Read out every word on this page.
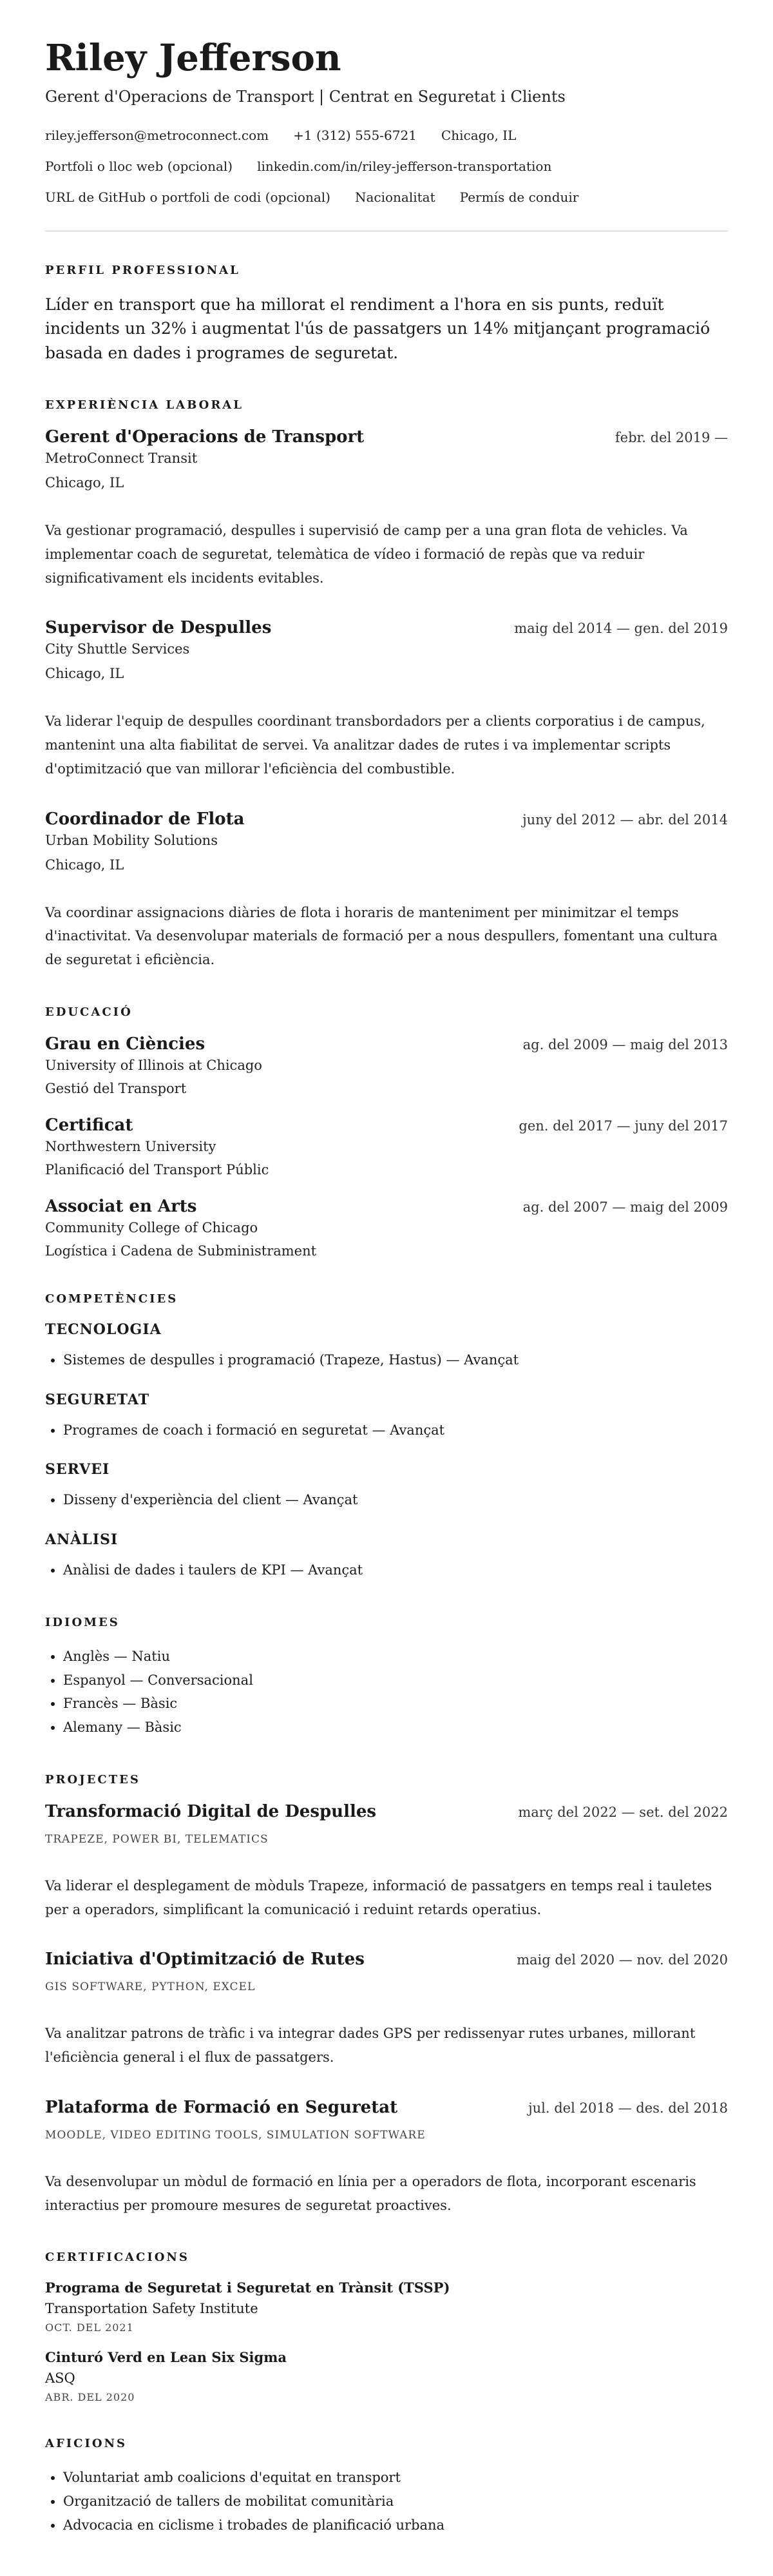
Riley Jefferson
Gerent d'Operacions de Transport | Centrat en Seguretat i Clients
riley.jefferson@metroconnect.com +1 (312) 555-6721 Chicago, IL
Portfoli o lloc web (opcional) linkedin.com/in/riley-jefferson-transportation
URL de GitHub o portfoli de codi (opcional) Nacionalitat Permís de conduir
PERFIL PROFESSIONAL

Líder en transport que ha millorat el rendiment a l'hora en sis punts, reduït incidents un 32% i augmentat l'ús de passatgers un 14% mitjançant programació basada en dades i programes de seguretat.

EXPERIÈNCIA LABORAL
Gerent d'Operacions de Transport	febr. del 2019 —
MetroConnect Transit
Chicago, IL

Va gestionar programació, despulles i supervisió de camp per a una gran flota de vehicles. Va implementar coach de seguretat, telemàtica de vídeo i formació de repàs que va reduir significativament els incidents evitables.

Supervisor de Despulles	maig del 2014 — gen. del 2019
City Shuttle Services
Chicago, IL

Va liderar l'equip de despulles coordinant transbordadors per a clients corporatius i de campus, mantenint una alta fiabilitat de servei. Va analitzar dades de rutes i va implementar scripts d'optimització que van millorar l'eficiència del combustible.

Coordinador de Flota	juny del 2012 — abr. del 2014
Urban Mobility Solutions
Chicago, IL

Va coordinar assignacions diàries de flota i horaris de manteniment per minimitzar el temps d'inactivitat. Va desenvolupar materials de formació per a nous despullers, fomentant una cultura de seguretat i eficiència.

EDUCACIÓ
Grau en Ciències	ag. del 2009 — maig del 2013
University of Illinois at Chicago
Gestió del Transport
Certificat	gen. del 2017 — juny del 2017
Northwestern University
Planificació del Transport Públic
Associat en Arts	ag. del 2007 — maig del 2009
Community College of Chicago
Logística i Cadena de Subministrament
COMPETÈNCIES
TECNOLOGIA
• Sistemes de despulles i programació (Trapeze, Hastus) — Avançat
SEGURETAT
• Programes de coach i formació en seguretat — Avançat
SERVEI
• Disseny d'experiència del client — Avançat
ANÀLISI
• Anàlisi de dades i taulers de KPI — Avançat
IDIOMES
• Anglès — Natiu
• Espanyol — Conversacional
• Francès — Bàsic
• Alemany — Bàsic
PROJECTES
Transformació Digital de Despulles	març del 2022 — set. del 2022
TRAPEZE, POWER BI, TELEMATICS

Va liderar el desplegament de mòduls Trapeze, informació de passatgers en temps real i tauletes per a operadors, simplificant la comunicació i reduint retards operatius.

Iniciativa d'Optimització de Rutes	maig del 2020 — nov. del 2020
GIS SOFTWARE, PYTHON, EXCEL

Va analitzar patrons de tràfic i va integrar dades GPS per redissenyar rutes urbanes, millorant l'eficiència general i el flux de passatgers.

Plataforma de Formació en Seguretat	jul. del 2018 — des. del 2018
MOODLE, VIDEO EDITING TOOLS, SIMULATION SOFTWARE

Va desenvolupar un mòdul de formació en línia per a operadors de flota, incorporant escenaris interactius per promoure mesures de seguretat proactives.

CERTIFICACIONS
Programa de Seguretat i Seguretat en Trànsit (TSSP)
Transportation Safety Institute
OCT. DEL 2021
Cinturó Verd en Lean Six Sigma
ASQ
ABR. DEL 2020
AFICIONS
• Voluntariat amb coalicions d'equitat en transport
• Organització de tallers de mobilitat comunitària
• Advocacia en ciclisme i trobades de planificació urbana
